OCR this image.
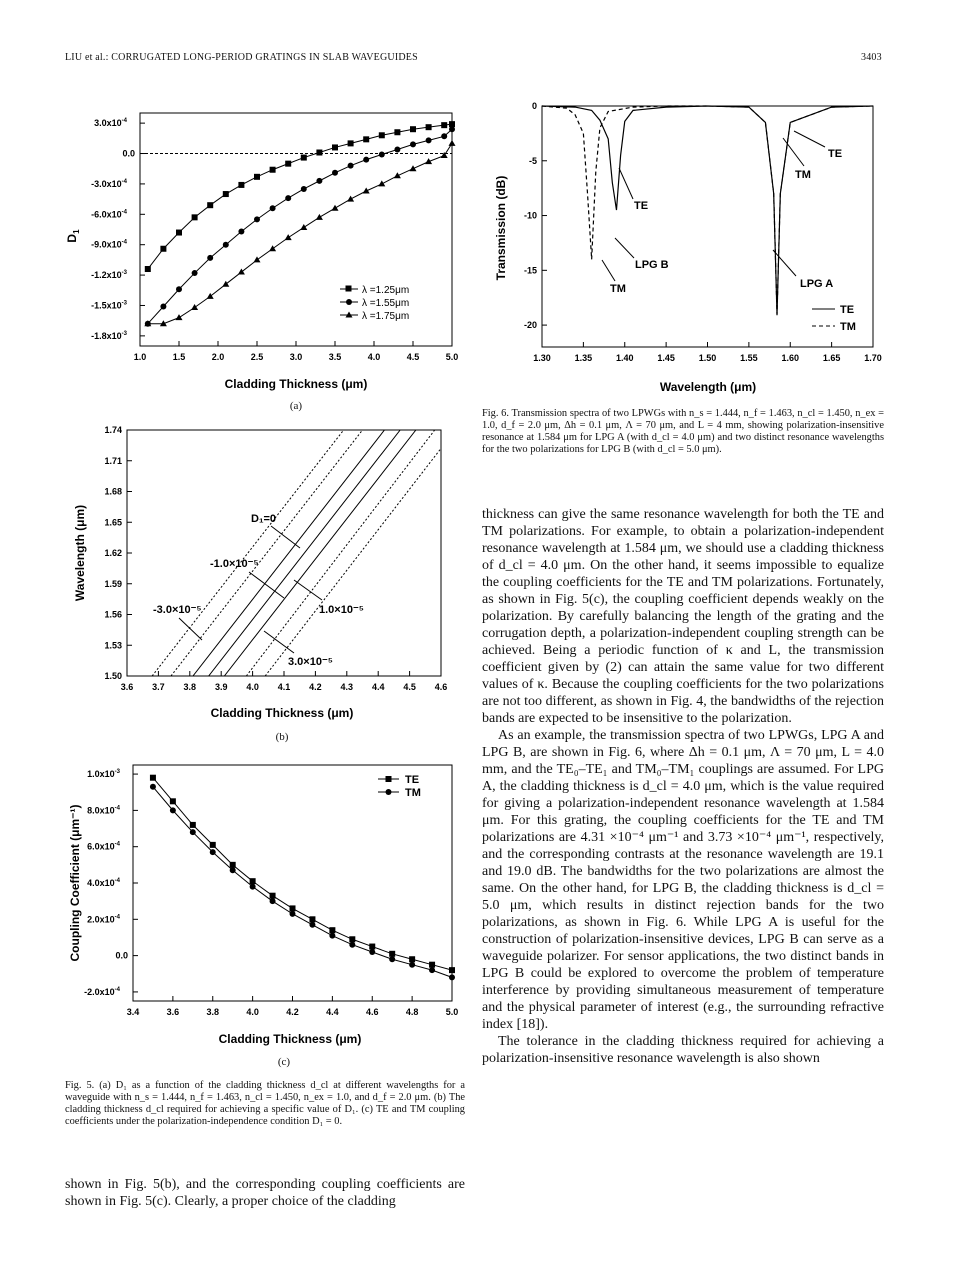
LIU et al.: CORRUGATED LONG-PERIOD GRATINGS IN SLAB WAVEGUIDES	3403
1.0	1.5	2.0	2.5	3.0	3.5	4.0	4.5	5.0
$3.0x10^{-4}$
0.0
$-3.0x10^{-4}$
$-6.0x10^{-4}$
$-9.0x10^{-4}$
$-1.2x10^{-3}$
$-1.5x10^{-3}$
$-1.8x10^{-3}$
λ =1.25μm
λ =1.55μm
λ =1.75μm
Cladding Thickness (μm)
$D_1$
(a)
3.6 3.7 3.8 3.9 4.0 4.1 4.2 4.3 4.4 4.5 4.6
1.74
1.71
1.68
1.65
1.62
1.59
1.56
1.53
1.50
D₁=0
-1.0×10⁻⁵
-3.0×10⁻⁵	1.0×10⁻⁵
3.0×10⁻⁵
Cladding Thickness (μm)
Wavelength (μm)
(b)
3.4	3.6	3.8	4.0	4.2	4.4	4.6	4.8	5.0
$1.0x10^{-3}$
$8.0x10^{-4}$
$6.0x10^{-4}$
$4.0x10^{-4}$
$2.0x10^{-4}$
0.0
$-2.0x10^{-4}$
TE
TM
Cladding Thickness (μm)
Coupling Coefficient (μm⁻¹)
(c)
Fig. 5. (a) D₁ as a function of the cladding thickness d_cl at different wavelengths for a waveguide with n_s = 1.444, n_f = 1.463, n_cl = 1.450, n_ex = 1.0, and d_f = 2.0 μm. (b) The cladding thickness d_cl required for achieving a specific value of D₁. (c) TE and TM coupling coefficients under the polarization-independence condition D₁ = 0.
1.30	1.35	1.40	1.45	1.50	1.55	1.60	1.65	1.70
0
-5
-10
-15
-20
TE
TM
TE
LPG B
TM	LPG A
TE
TM
Wavelength (μm)
Transmission (dB)
Fig. 6. Transmission spectra of two LPWGs with n_s = 1.444, n_f = 1.463, n_cl = 1.450, n_ex = 1.0, d_f = 2.0 μm, Δh = 0.1 μm, Λ = 70 μm, and L = 4 mm, showing polarization-insensitive resonance at 1.584 μm for LPG A (with d_cl = 4.0 μm) and two distinct resonance wavelengths for the two polarizations for LPG B (with d_cl = 5.0 μm).

thickness can give the same resonance wavelength for both the TE and TM polarizations. For example, to obtain a polarization-independent resonance wavelength at 1.584 μm, we should use a cladding thickness of d_cl = 4.0 μm. On the other hand, it seems impossible to equalize the coupling coefficients for the TE and TM polarizations. Fortunately, as shown in Fig. 5(c), the coupling coefficient depends weakly on the polarization. By carefully balancing the length of the grating and the corrugation depth, a polarization-independent coupling strength can be achieved. Being a periodic function of κ and L, the transmission coefficient given by (2) can attain the same value for two different values of κ. Because the coupling coefficients for the two polarizations are not too different, as shown in Fig. 4, the bandwidths of the rejection bands are expected to be insensitive to the polarization.

As an example, the transmission spectra of two LPWGs, LPG A and LPG B, are shown in Fig. 6, where Δh = 0.1 μm, Λ = 70 μm, L = 4.0 mm, and the TE₀–TE₁ and TM₀–TM₁ couplings are assumed. For LPG A, the cladding thickness is d_cl = 4.0 μm, which is the value required for giving a polarization-independent resonance wavelength at 1.584 μm. For this grating, the coupling coefficients for the TE and TM polarizations are 4.31 ×10⁻⁴ μm⁻¹ and 3.73 ×10⁻⁴ μm⁻¹, respectively, and the corresponding contrasts at the resonance wavelength are 19.1 and 19.0 dB. The bandwidths for the two polarizations are almost the same. On the other hand, for LPG B, the cladding thickness is d_cl = 5.0 μm, which results in distinct rejection bands for the two polarizations, as shown in Fig. 6. While LPG A is useful for the construction of polarization-insensitive devices, LPG B can serve as a waveguide polarizer. For sensor applications, the two distinct bands in LPG B could be explored to overcome the problem of temperature interference by providing simultaneous measurement of temperature and the physical parameter of interest (e.g., the surrounding refractive index [18]).

The tolerance in the cladding thickness required for achieving a polarization-insensitive resonance wavelength is also shown

shown in Fig. 5(b), and the corresponding coupling coefficients are shown in Fig. 5(c). Clearly, a proper choice of the cladding
